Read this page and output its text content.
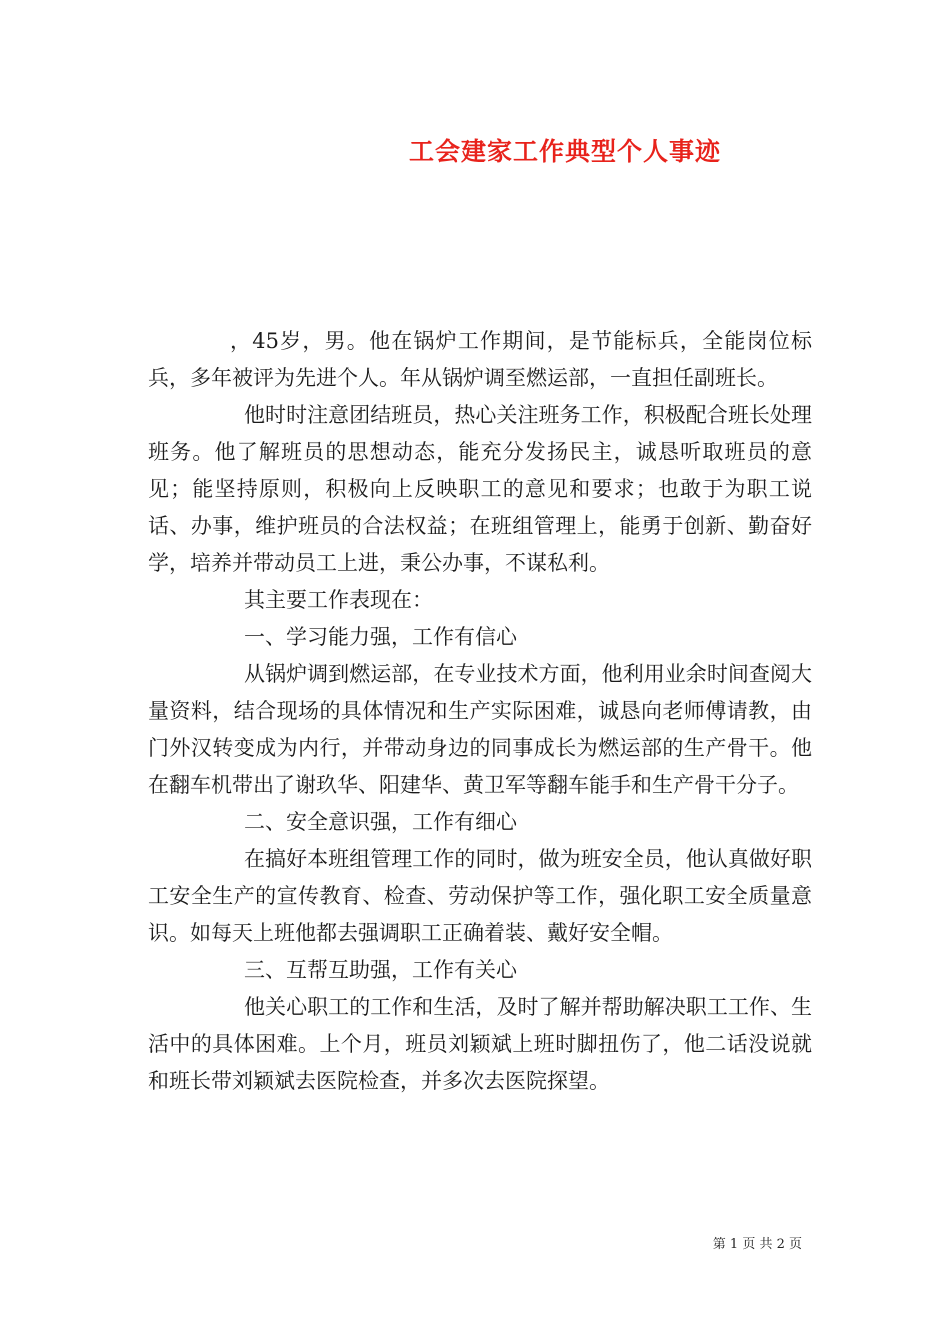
工会建家工作典型个人事迹

，45岁，男。他在锅炉工作期间，是节能标兵，全能岗位标兵，多年被评为先进个人。年从锅炉调至燃运部，一直担任副班长。

他时时注意团结班员，热心关注班务工作，积极配合班长处理班务。他了解班员的思想动态，能充分发扬民主，诚恳听取班员的意见；能坚持原则，积极向上反映职工的意见和要求；也敢于为职工说话、办事，维护班员的合法权益；在班组管理上，能勇于创新、勤奋好学，培养并带动员工上进，秉公办事，不谋私利。

其主要工作表现在：

一、学习能力强，工作有信心

从锅炉调到燃运部，在专业技术方面，他利用业余时间查阅大量资料，结合现场的具体情况和生产实际困难，诚恳向老师傅请教，由门外汉转变成为内行，并带动身边的同事成长为燃运部的生产骨干。他在翻车机带出了谢玖华、阳建华、黄卫军等翻车能手和生产骨干分子。

二、安全意识强，工作有细心

在搞好本班组管理工作的同时，做为班安全员，他认真做好职工安全生产的宣传教育、检查、劳动保护等工作，强化职工安全质量意识。如每天上班他都去强调职工正确着装、戴好安全帽。

三、互帮互助强，工作有关心

他关心职工的工作和生活，及时了解并帮助解决职工工作、生活中的具体困难。上个月，班员刘颖斌上班时脚扭伤了，他二话没说就和班长带刘颖斌去医院检查，并多次去医院探望。

第 1 页 共 2 页
